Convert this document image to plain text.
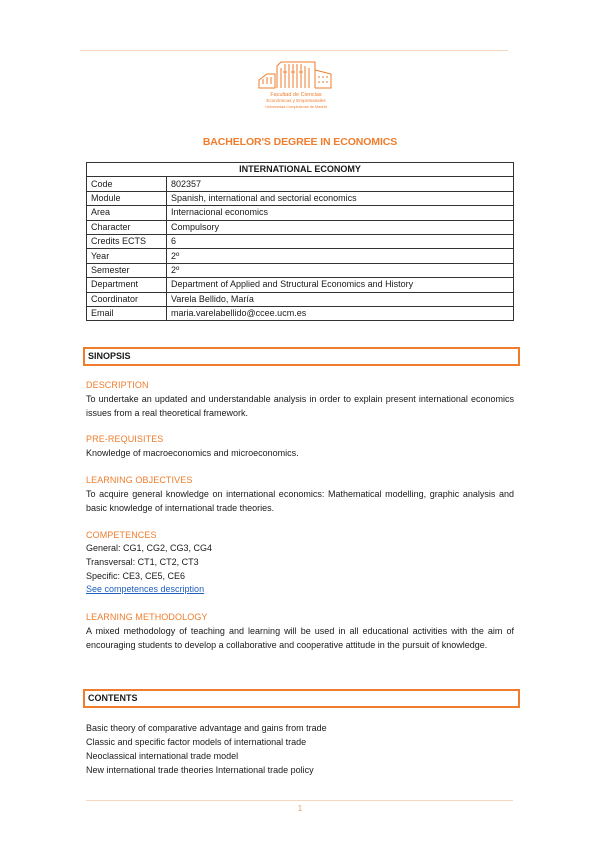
Facultad de Ciencias
Económicas y Empresariales
Universidad Complutense de Madrid
BACHELOR'S DEGREE IN ECONOMICS
INTERNATIONAL ECONOMY	
Code	802357
Module	Spanish, international and sectorial economics
Area	Internacional economics
Character	Compulsory
Credits ECTS	6
Year	2º
Semester	2º
Department	Department of Applied and Structural Economics and History
Coordinator	Varela Bellido, María
Email	maria.varelabellido@ccee.ucm.es
SINOPSIS
DESCRIPTION
To undertake an updated and understandable analysis in order to explain present international economics issues from a real theoretical framework.
PRE-REQUISITES
Knowledge of macroeconomics and microeconomics.
LEARNING OBJECTIVES
To acquire general knowledge on international economics: Mathematical modelling, graphic analysis and basic knowledge of international trade theories.
COMPETENCES
General: CG1, CG2, CG3, CG4
Transversal: CT1, CT2, CT3
Specific: CE3, CE5, CE6
See competences description
LEARNING METHODOLOGY
A mixed methodology of teaching and learning will be used in all educational activities with the aim of encouraging students to develop a collaborative and cooperative attitude in the pursuit of knowledge.
CONTENTS
Basic theory of comparative advantage and gains from trade
Classic and specific factor models of international trade
Neoclassical international trade model
New international trade theories International trade policy
1
